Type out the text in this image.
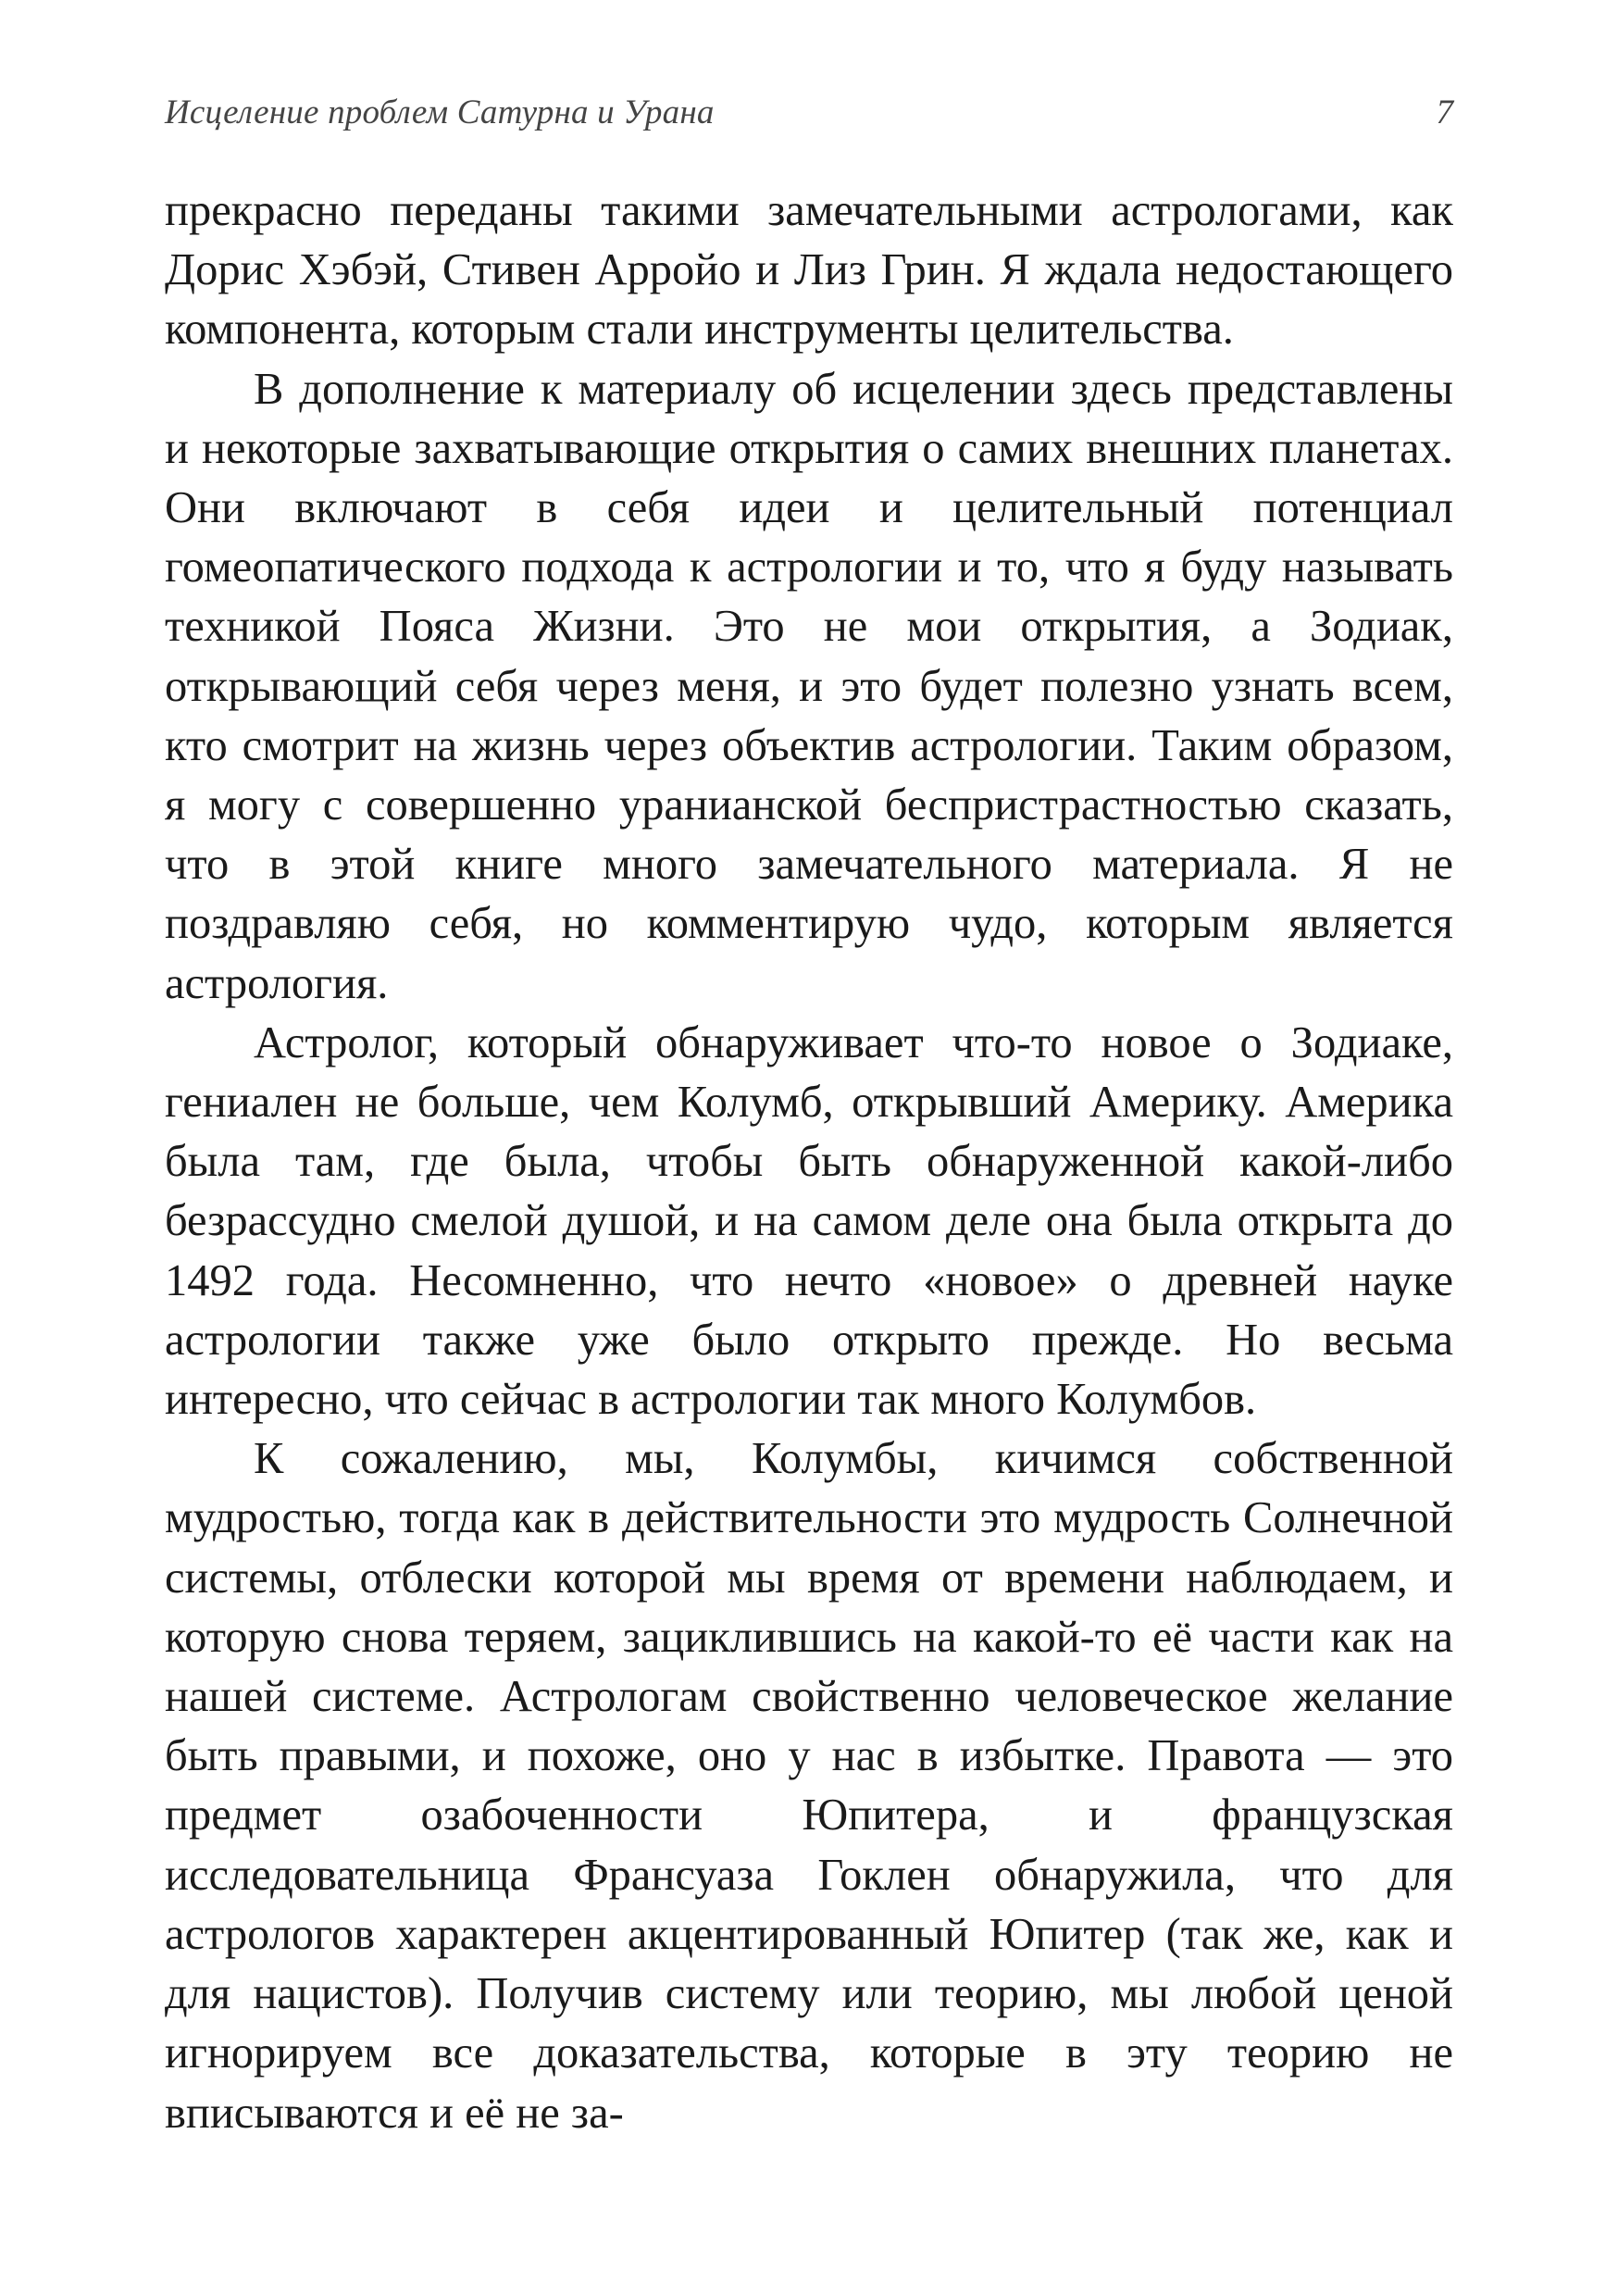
Исцеление проблем Сатурна и Урана	7

прекрасно переданы такими замечательными астрологами, как Дорис Хэбэй, Стивен Арройо и Лиз Грин. Я ждала недостающего компонента, которым стали инструменты целительства.

В дополнение к материалу об исцелении здесь представлены и некоторые захватывающие открытия о самих внешних планетах. Они включают в себя идеи и целительный потенциал гомеопатического подхода к астрологии и то, что я буду называть техникой Пояса Жизни. Это не мои открытия, а Зодиак, открывающий себя через меня, и это будет полезно узнать всем, кто смотрит на жизнь через объектив астрологии. Таким образом, я могу с совершенно уранианской беспристрастностью сказать, что в этой книге много замечательного материала. Я не поздравляю себя, но комментирую чудо, которым является астрология.

Астролог, который обнаруживает что-то новое о Зодиаке, гениален не больше, чем Колумб, открывший Америку. Америка была там, где была, чтобы быть обнаруженной какой-либо безрассудно смелой душой, и на самом деле она была открыта до 1492 года. Несомненно, что нечто «новое» о древней науке астрологии также уже было открыто прежде. Но весьма интересно, что сейчас в астрологии так много Колумбов.

К сожалению, мы, Колумбы, кичимся собственной мудростью, тогда как в действительности это мудрость Солнечной системы, отблески которой мы время от времени наблюдаем, и которую снова теряем, зациклившись на какой-то её части как на нашей системе. Астрологам свойственно человеческое желание быть правыми, и похоже, оно у нас в избытке. Правота — это предмет озабоченности Юпитера, и французская исследовательница Франсуаза Гоклен обнаружила, что для астрологов характерен акцентированный Юпитер (так же, как и для нацистов). Получив систему или теорию, мы любой ценой игнорируем все доказательства, которые в эту теорию не вписываются и её не за-
